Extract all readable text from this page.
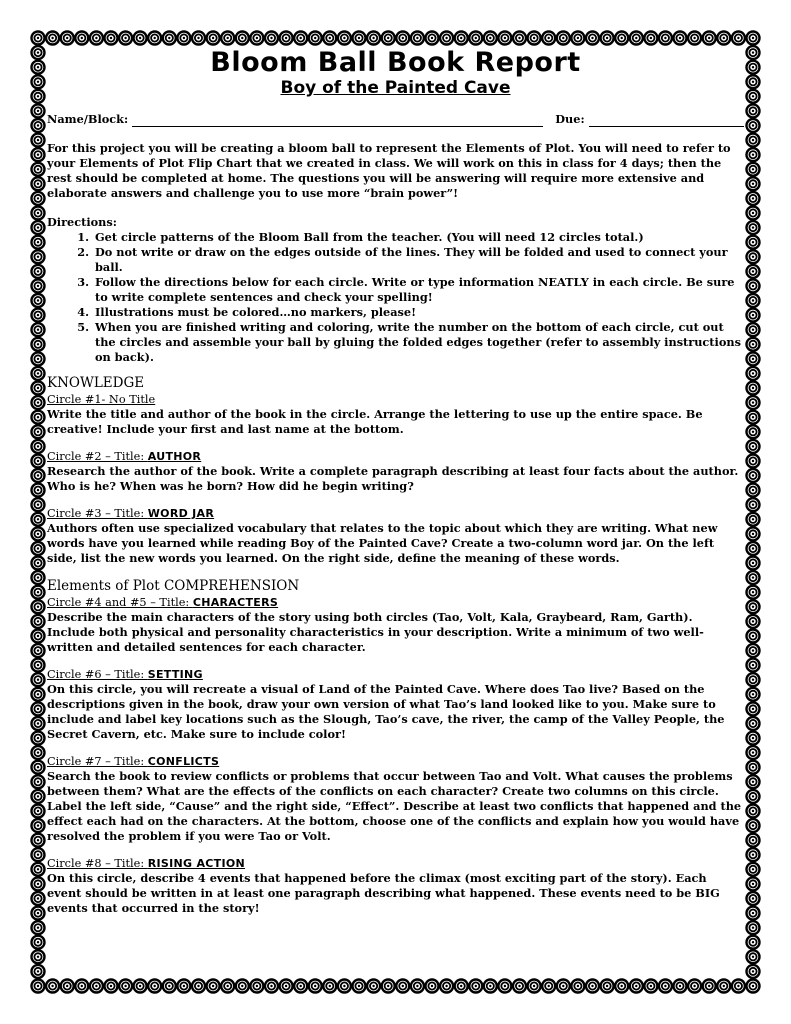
Bloom Ball Book Report
Boy of the Painted Cave
Name/Block:	Due:

For this project you will be creating a bloom ball to represent the Elements of Plot. You will need to refer to your Elements of Plot Flip Chart that we created in class. We will work on this in class for 4 days; then the rest should be completed at home. The questions you will be answering will require more extensive and elaborate answers and challenge you to use more “brain power”!

Directions:

1. Get circle patterns of the Bloom Ball from the teacher. (You will need 12 circles total.)
2. Do not write or draw on the edges outside of the lines. They will be folded and used to connect your ball.
3. Follow the directions below for each circle. Write or type information NEATLY in each circle. Be sure to write complete sentences and check your spelling!
4. Illustrations must be colored…no markers, please!
5. When you are finished writing and coloring, write the number on the bottom of each circle, cut out the circles and assemble your ball by gluing the folded edges together (refer to assembly instructions on back).
KNOWLEDGE
Circle #1- No Title

Write the title and author of the book in the circle. Arrange the lettering to use up the entire space. Be creative! Include your first and last name at the bottom.

Circle #2 – Title: AUTHOR

Research the author of the book. Write a complete paragraph describing at least four facts about the author. Who is he? When was he born? How did he begin writing?

Circle #3 – Title: WORD JAR

Authors often use specialized vocabulary that relates to the topic about which they are writing. What new words have you learned while reading Boy of the Painted Cave? Create a two-column word jar. On the left side, list the new words you learned. On the right side, define the meaning of these words.

Elements of Plot COMPREHENSION
Circle #4 and #5 – Title: CHARACTERS

Describe the main characters of the story using both circles (Tao, Volt, Kala, Graybeard, Ram, Garth). Include both physical and personality characteristics in your description. Write a minimum of two well-written and detailed sentences for each character.

Circle #6 – Title: SETTING

On this circle, you will recreate a visual of Land of the Painted Cave. Where does Tao live? Based on the descriptions given in the book, draw your own version of what Tao’s land looked like to you. Make sure to include and label key locations such as the Slough, Tao’s cave, the river, the camp of the Valley People, the Secret Cavern, etc. Make sure to include color!

Circle #7 – Title: CONFLICTS

Search the book to review conflicts or problems that occur between Tao and Volt. What causes the problems between them? What are the effects of the conflicts on each character? Create two columns on this circle. Label the left side, “Cause” and the right side, “Effect”. Describe at least two conflicts that happened and the effect each had on the characters. At the bottom, choose one of the conflicts and explain how you would have resolved the problem if you were Tao or Volt.

Circle #8 – Title: RISING ACTION

On this circle, describe 4 events that happened before the climax (most exciting part of the story). Each event should be written in at least one paragraph describing what happened. These events need to be BIG events that occurred in the story!
